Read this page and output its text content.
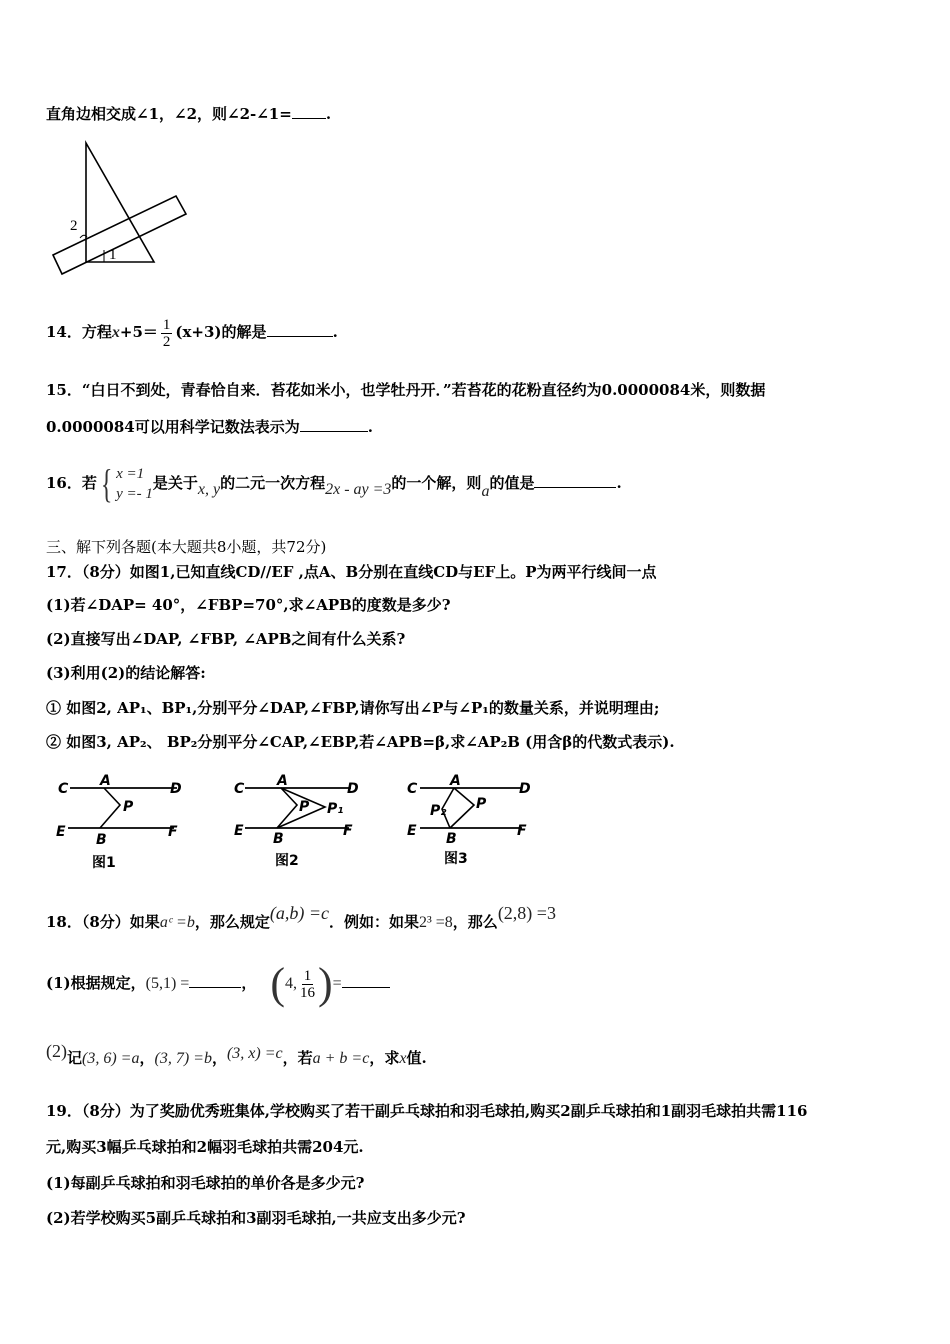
直角边相交成∠1，∠2，则∠2-∠1= .
2
1
14．方程$x+5= \frac{1}{2} (x+3)$的解是	.
15．“白日不到处，青春恰自来．苔花如米小，也学牡丹开．”若苔花的花粉直径约为0.0000084米，则数据
0.0000084可以用科学记数法表示为	.
16．若 { x =1
y =- 1
是关于x, y的二元一次方程2x - ay =3的一个解，则a的值是	.
三、解下列各题(本大题共8小题，共72分)
17．（8分）如图1,已知直线CD//EF ,点A、B分别在直线CD与EF上。P为两平行线间一点
(1)若∠DAP= 40°，∠FBP=70°,求∠APB的度数是多少?
(2)直接写出∠DAP, ∠FBP, ∠APB之间有什么关系?
(3)利用(2)的结论解答:
① 如图2, AP₁、BP₁,分别平分∠DAP,∠FBP,请你写出∠P与∠P₁的数量关系，并说明理由;
② 如图3, AP₂、 BP₂分别平分∠CAP,∠EBP,若∠APB=β,求∠AP₂B (用含β的代数式表示).
C A	D
P
E B	F
图1
C A	D
P P₁
E B	F
图2
C A	D
P
P₂
E B	F
图3
18．（8分）如果aᶜ =b，那么规定(a,b) =c．例如：如果2³ =8，那么(2,8) =3
(1)根据规定，(5,1) =	， (4, $\frac{1}{16}$ )=
(2)记(3, 6) =a，(3, 7) =b，(3, x) =c，若a + b =c，求x值.
19．（8分）为了奖励优秀班集体,学校购买了若干副乒乓球拍和羽毛球拍,购买2副乒乓球拍和1副羽毛球拍共需116
元,购买3幅乒乓球拍和2幅羽毛球拍共需204元.
(1)每副乒乓球拍和羽毛球拍的单价各是多少元?
(2)若学校购买5副乒乓球拍和3副羽毛球拍,一共应支出多少元?
